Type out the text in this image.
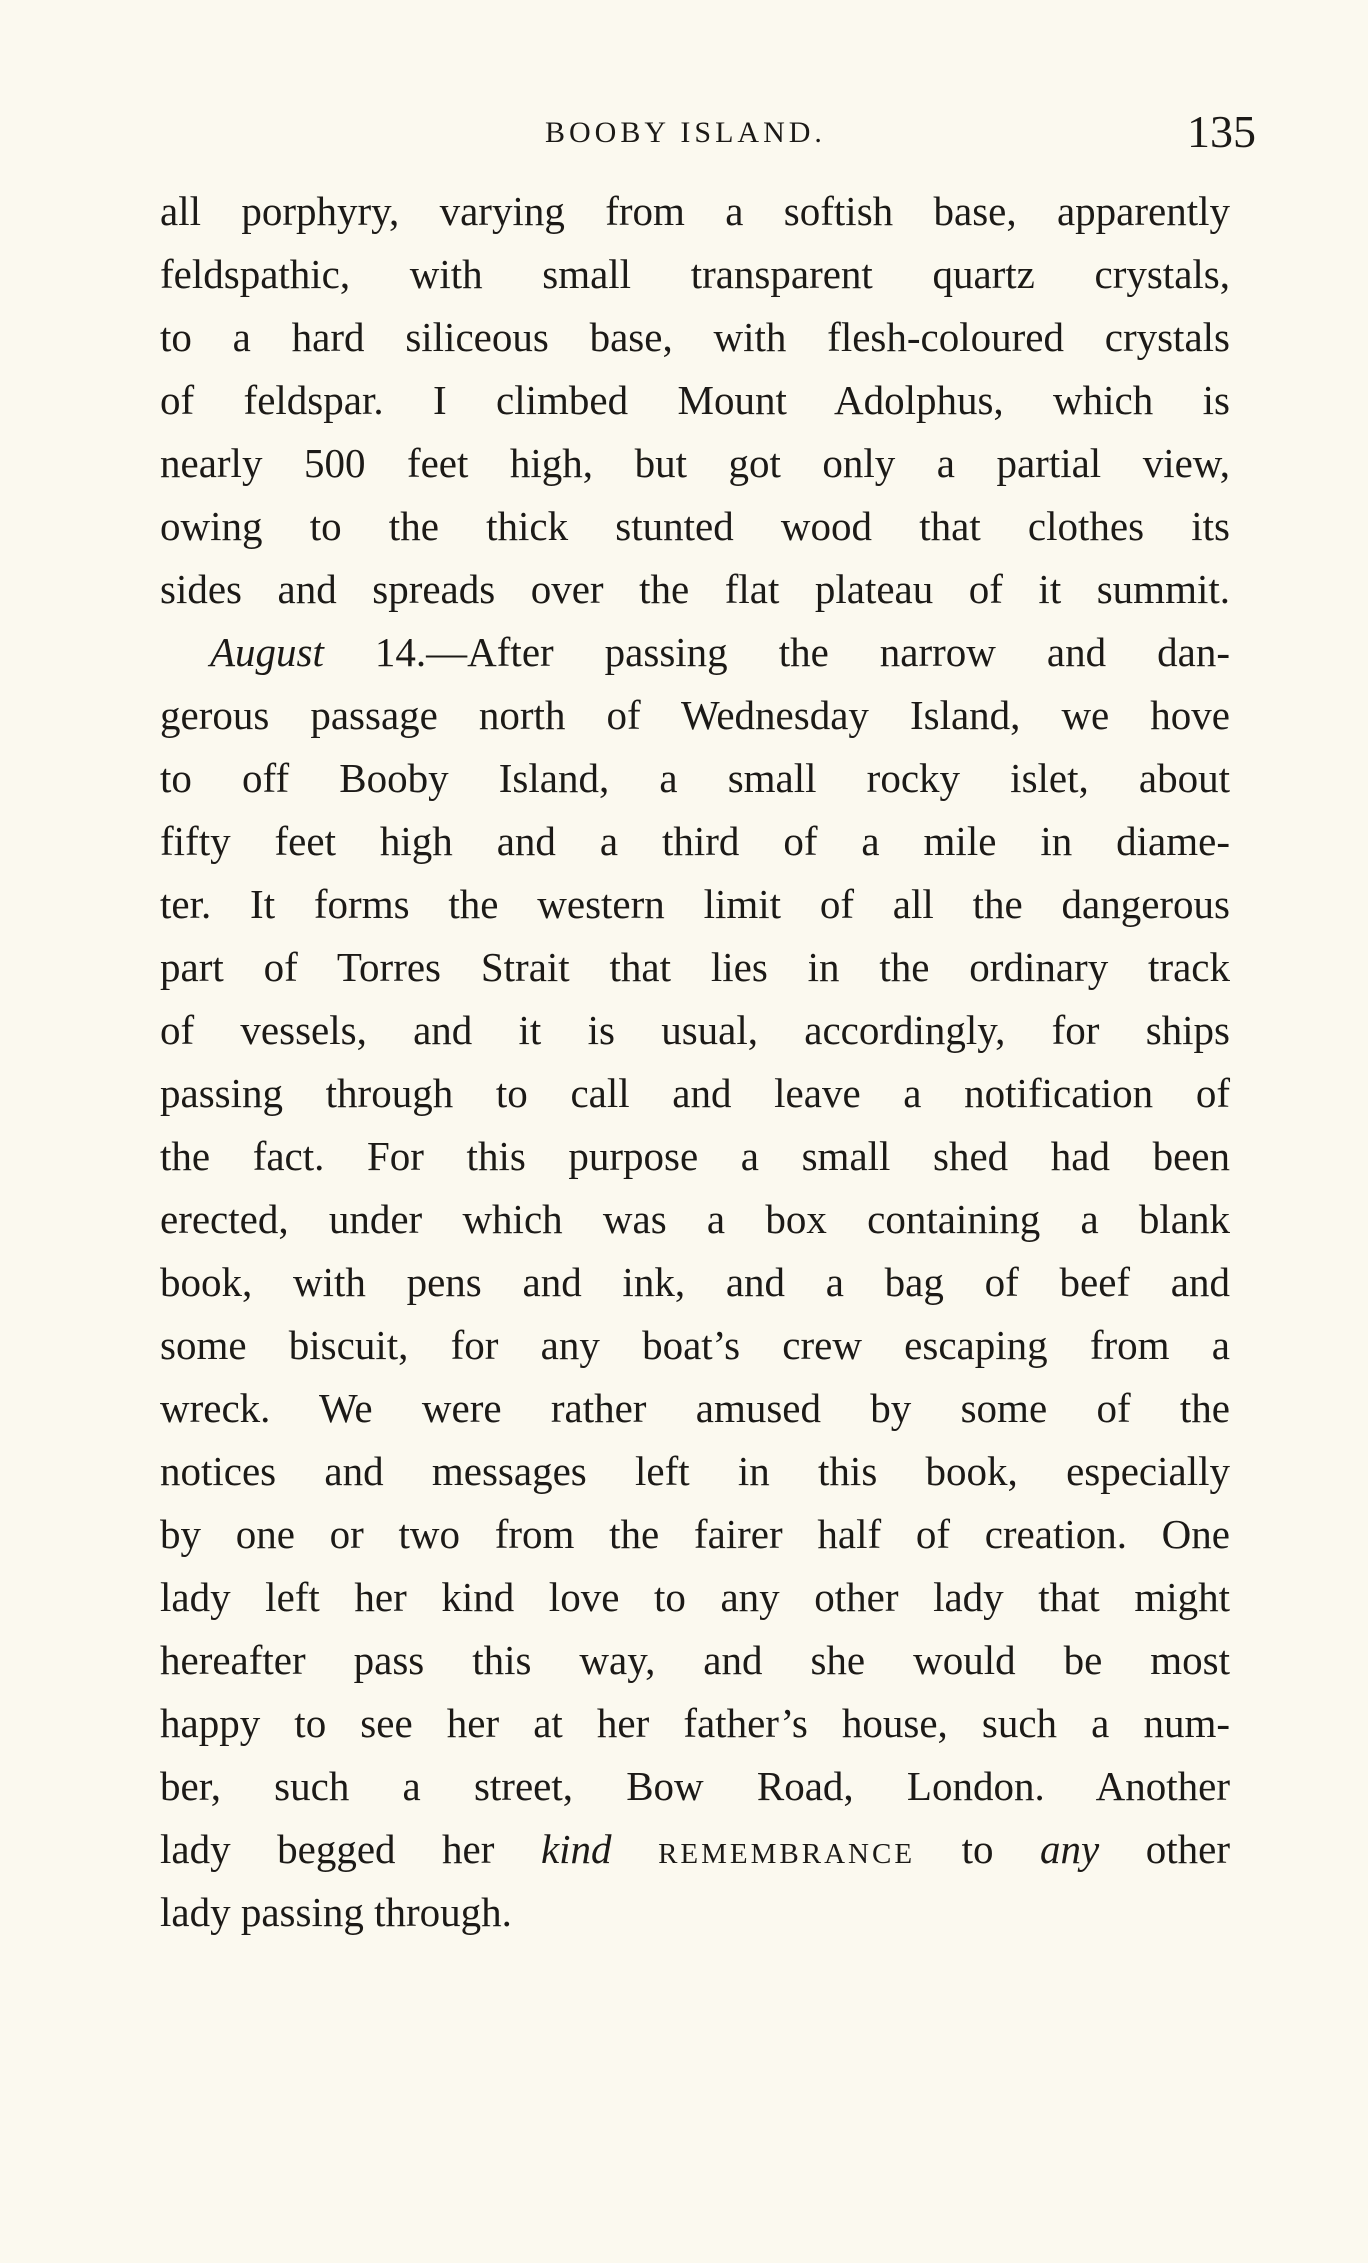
BOOBY ISLAND.	135
all porphyry, varying from a softish base, apparently
feldspathic, with small transparent quartz crystals,
to a hard siliceous base, with flesh-coloured crystals
of feldspar. I climbed Mount Adolphus, which is
nearly 500 feet high, but got only a partial view,
owing to the thick stunted wood that clothes its
sides and spreads over the flat plateau of it summit.
August 14.—After passing the narrow and dan-
gerous passage north of Wednesday Island, we hove
to off Booby Island, a small rocky islet, about
fifty feet high and a third of a mile in diame-
ter. It forms the western limit of all the dangerous
part of Torres Strait that lies in the ordinary track
of vessels, and it is usual, accordingly, for ships
passing through to call and leave a notification of
the fact. For this purpose a small shed had been
erected, under which was a box containing a blank
book, with pens and ink, and a bag of beef and
some biscuit, for any boat’s crew escaping from a
wreck. We were rather amused by some of the
notices and messages left in this book, especially
by one or two from the fairer half of creation. One
lady left her kind love to any other lady that might
hereafter pass this way, and she would be most
happy to see her at her father’s house, such a num-
ber, such a street, Bow Road, London. Another
lady begged her kind REMEMBRANCE to any other
lady passing through.
